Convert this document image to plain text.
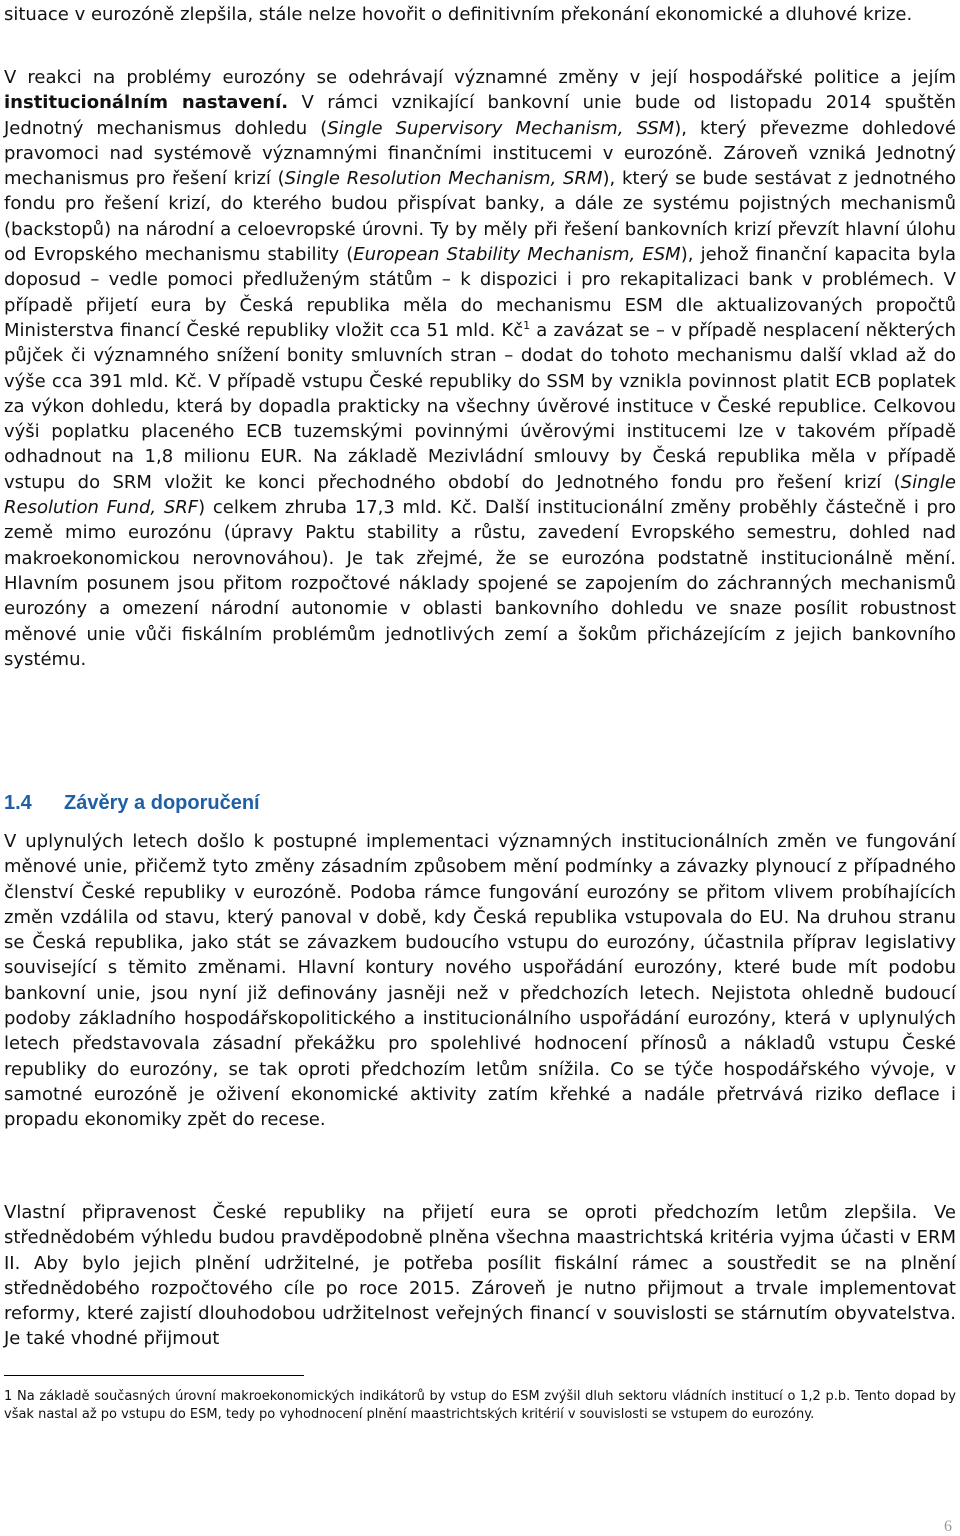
situace v eurozóně zlepšila, stále nelze hovořit o definitivním překonání ekonomické a dluhové krize.

V reakci na problémy eurozóny se odehrávají významné změny v její hospodářské politice a jejím institucionálním nastavení. V rámci vznikající bankovní unie bude od listopadu 2014 spuštěn Jednotný mechanismus dohledu (Single Supervisory Mechanism, SSM), který převezme dohledové pravomoci nad systémově významnými finančními institucemi v eurozóně. Zároveň vzniká Jednotný mechanismus pro řešení krizí (Single Resolution Mechanism, SRM), který se bude sestávat z jednotného fondu pro řešení krizí, do kterého budou přispívat banky, a dále ze systému pojistných mechanismů (backstopů) na národní a celoevropské úrovni. Ty by měly při řešení bankovních krizí převzít hlavní úlohu od Evropského mechanismu stability (European Stability Mechanism, ESM), jehož finanční kapacita byla doposud – vedle pomoci předluženým státům – k dispozici i pro rekapitalizaci bank v problémech. V případě přijetí eura by Česká republika měla do mechanismu ESM dle aktualizovaných propočtů Ministerstva financí České republiky vložit cca 51 mld. $Kč^1$ a zavázat se – v případě nesplacení některých půjček či významného snížení bonity smluvních stran – dodat do tohoto mechanismu další vklad až do výše cca 391 mld. Kč. V případě vstupu České republiky do SSM by vznikla povinnost platit ECB poplatek za výkon dohledu, která by dopadla prakticky na všechny úvěrové instituce v České republice. Celkovou výši poplatku placeného ECB tuzemskými povinnými úvěrovými institucemi lze v takovém případě odhadnout na 1,8 milionu EUR. Na základě Mezivládní smlouvy by Česká republika měla v případě vstupu do SRM vložit ke konci přechodného období do Jednotného fondu pro řešení krizí (Single Resolution Fund, SRF) celkem zhruba 17,3 mld. Kč. Další institucionální změny proběhly částečně i pro země mimo eurozónu (úpravy Paktu stability a růstu, zavedení Evropského semestru, dohled nad makroekonomickou nerovnováhou). Je tak zřejmé, že se eurozóna podstatně institucionálně mění. Hlavním posunem jsou přitom rozpočtové náklady spojené se zapojením do záchranných mechanismů eurozóny a omezení národní autonomie v oblasti bankovního dohledu ve snaze posílit robustnost měnové unie vůči fiskálním problémům jednotlivých zemí a šokům přicházejícím z jejich bankovního systému.

1.4 Závěry a doporučení

V uplynulých letech došlo k postupné implementaci významných institucionálních změn ve fungování měnové unie, přičemž tyto změny zásadním způsobem mění podmínky a závazky plynoucí z případného členství České republiky v eurozóně. Podoba rámce fungování eurozóny se přitom vlivem probíhajících změn vzdálila od stavu, který panoval v době, kdy Česká republika vstupovala do EU. Na druhou stranu se Česká republika, jako stát se závazkem budoucího vstupu do eurozóny, účastnila příprav legislativy související s těmito změnami. Hlavní kontury nového uspořádání eurozóny, které bude mít podobu bankovní unie, jsou nyní již definovány jasněji než v předchozích letech. Nejistota ohledně budoucí podoby základního hospodářskopolitického a institucionálního uspořádání eurozóny, která v uplynulých letech představovala zásadní překážku pro spolehlivé hodnocení přínosů a nákladů vstupu České republiky do eurozóny, se tak oproti předchozím letům snížila. Co se týče hospodářského vývoje, v samotné eurozóně je oživení ekonomické aktivity zatím křehké a nadále přetrvává riziko deflace i propadu ekonomiky zpět do recese.

Vlastní připravenost České republiky na přijetí eura se oproti předchozím letům zlepšila. Ve střednědobém výhledu budou pravděpodobně plněna všechna maastrichtská kritéria vyjma účasti v ERM II. Aby bylo jejich plnění udržitelné, je potřeba posílit fiskální rámec a soustředit se na plnění střednědobého rozpočtového cíle po roce 2015. Zároveň je nutno přijmout a trvale implementovat reformy, které zajistí dlouhodobou udržitelnost veřejných financí v souvislosti se stárnutím obyvatelstva. Je také vhodné přijmout

1 Na základě současných úrovní makroekonomických indikátorů by vstup do ESM zvýšil dluh sektoru vládních institucí o 1,2 p.b. Tento dopad by však nastal až po vstupu do ESM, tedy po vyhodnocení plnění maastrichtských kritérií v souvislosti se vstupem do eurozóny.
6
